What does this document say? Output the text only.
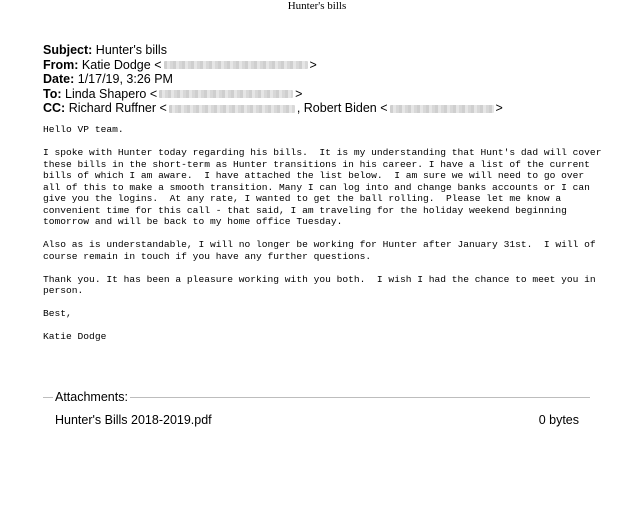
Hunter's bills
Subject: Hunter's bills
From: Katie Dodge <	>
Date: 1/17/19, 3:26 PM
To: Linda Shapero <	>
CC: Richard Ruffner <	, Robert Biden <	>
Hello VP team.

I spoke with Hunter today regarding his bills.  It is my understanding that Hunt's dad will cover
these bills in the short-term as Hunter transitions in his career. I have a list of the current
bills of which I am aware.  I have attached the list below.  I am sure we will need to go over
all of this to make a smooth transition. Many I can log into and change banks accounts or I can
give you the logins.  At any rate, I wanted to get the ball rolling.  Please let me know a
convenient time for this call - that said, I am traveling for the holiday weekend beginning
tomorrow and will be back to my home office Tuesday.

Also as is understandable, I will no longer be working for Hunter after January 31st.  I will of
course remain in touch if you have any further questions.

Thank you. It has been a pleasure working with you both.  I wish I had the chance to meet you in
person.

Best,

Katie Dodge
Attachments:
Hunter's Bills 2018-2019.pdf	0 bytes
